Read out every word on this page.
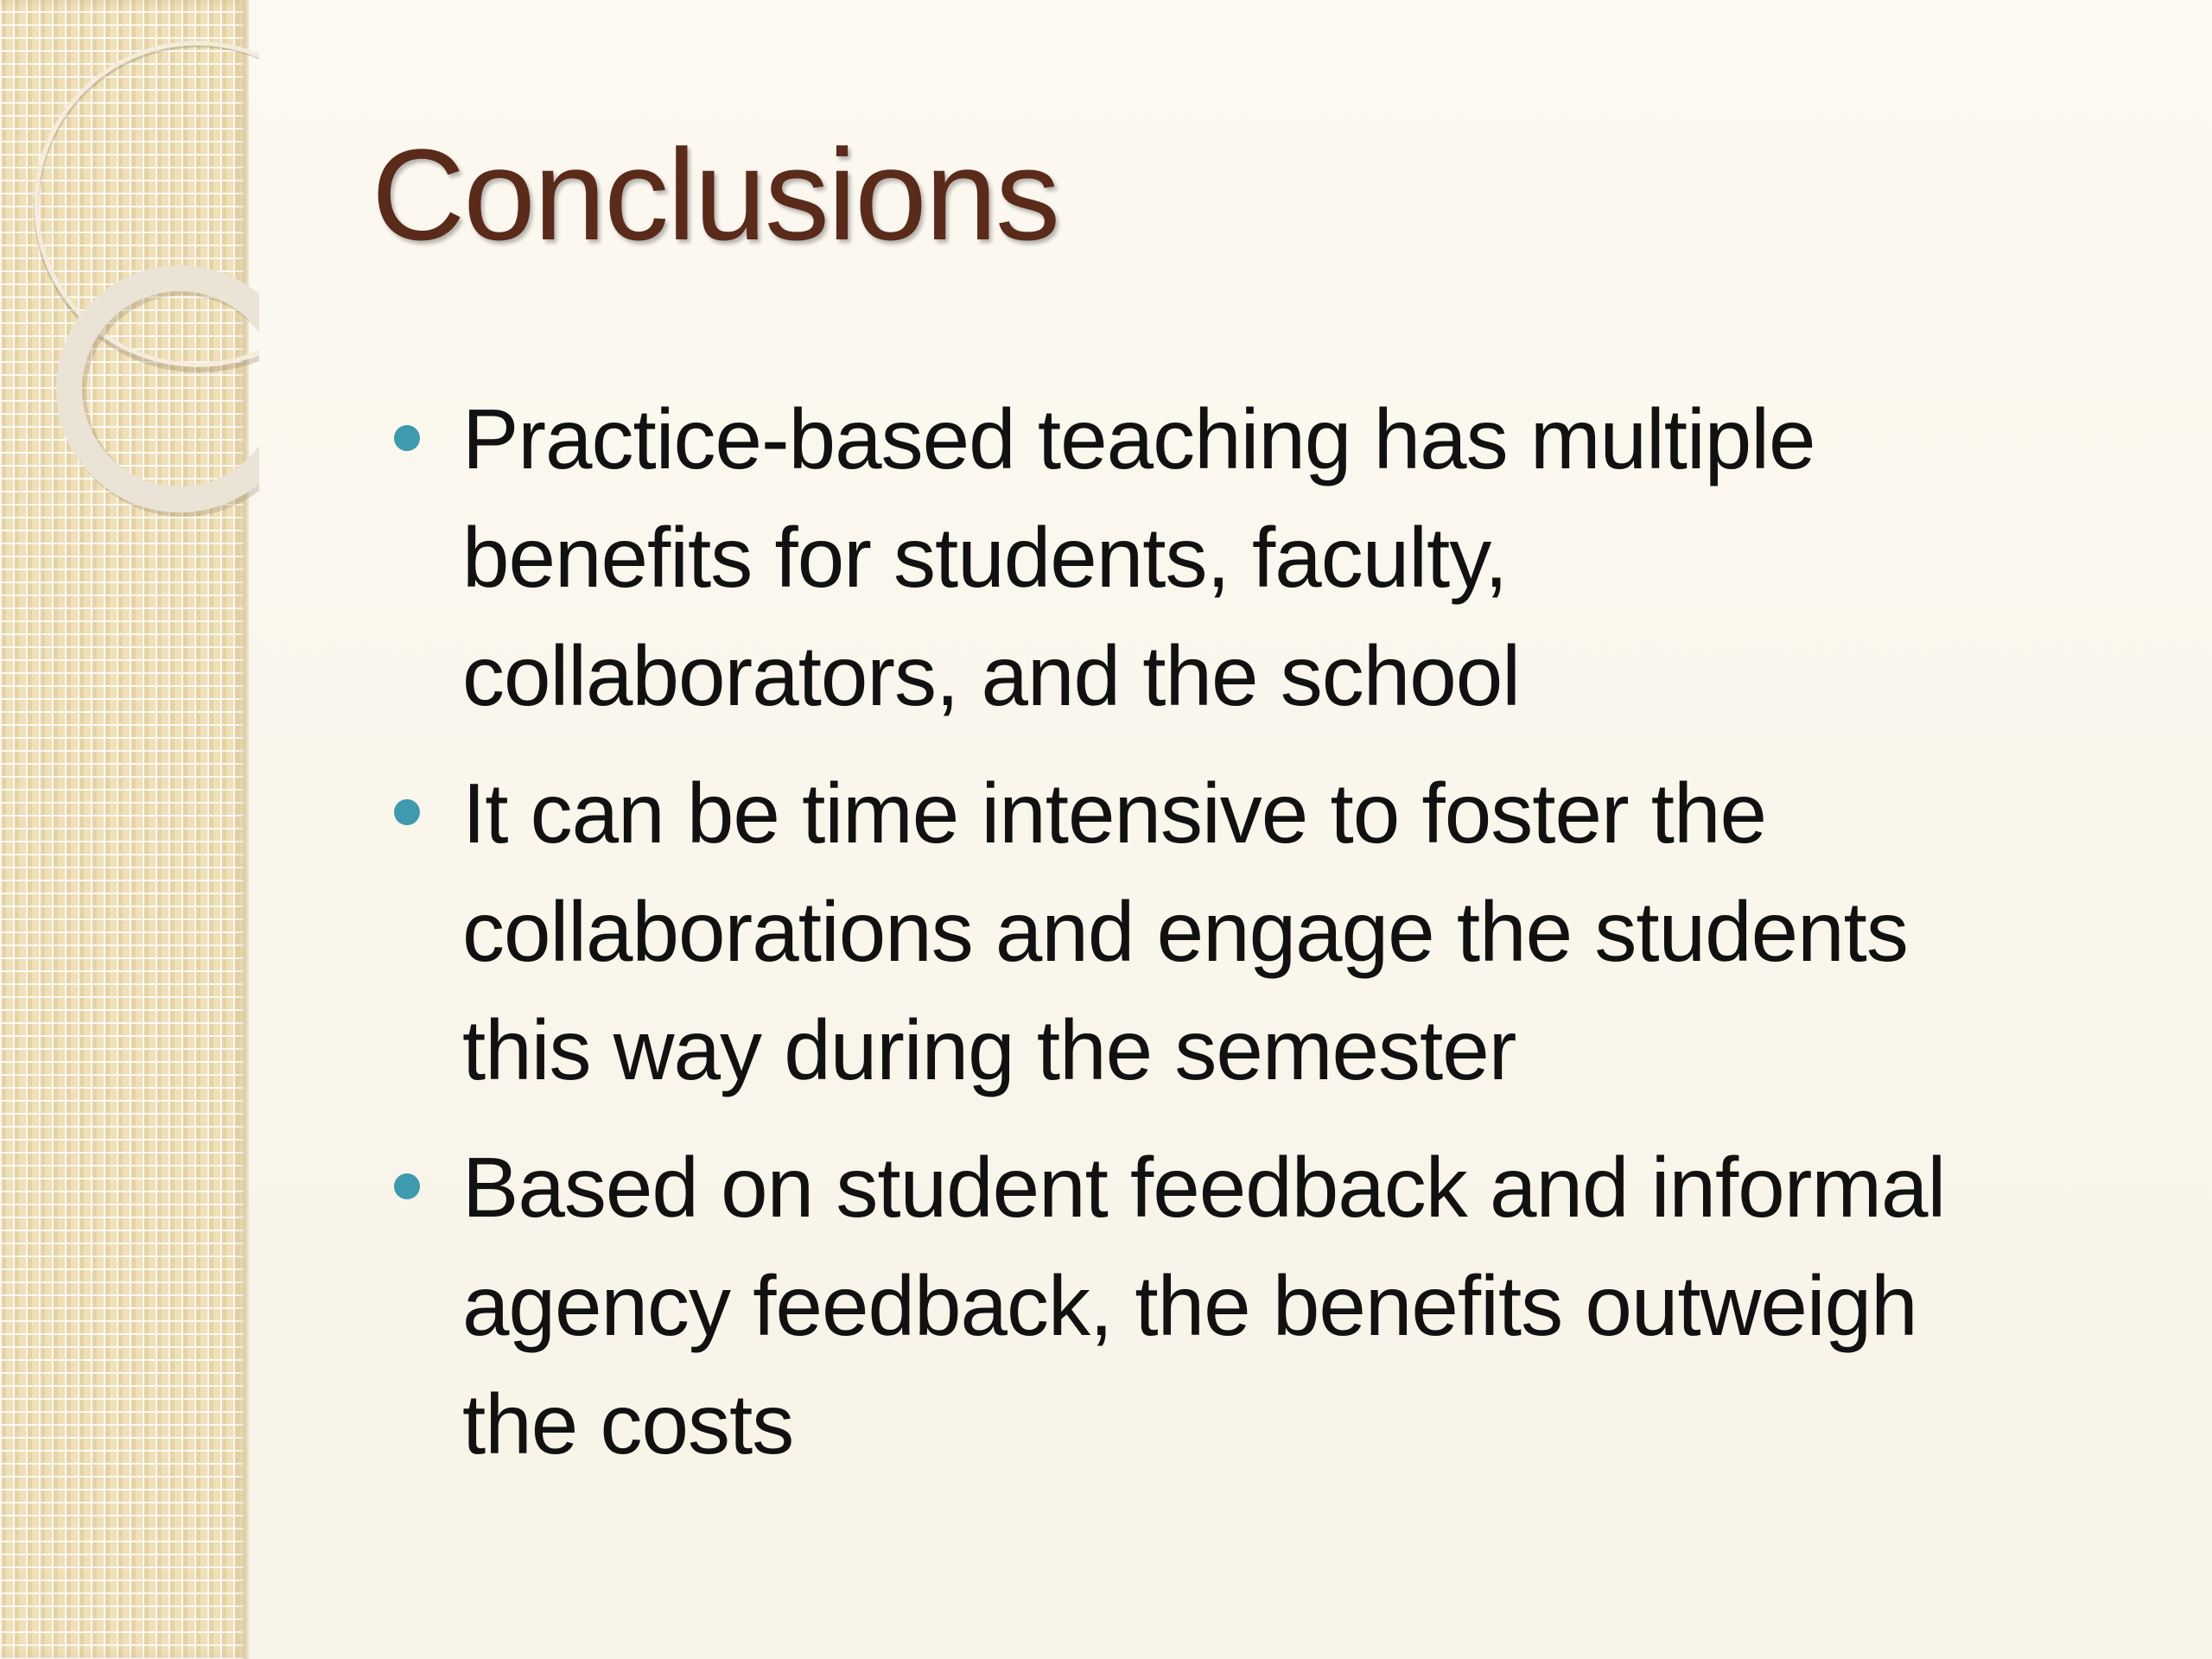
Conclusions
Practice-based teaching has multiple
benefits for students, faculty,
collaborators, and the school
It can be time intensive to foster the
collaborations and engage the students
this way during the semester
Based on student feedback and informal
agency feedback, the benefits outweigh
the costs
